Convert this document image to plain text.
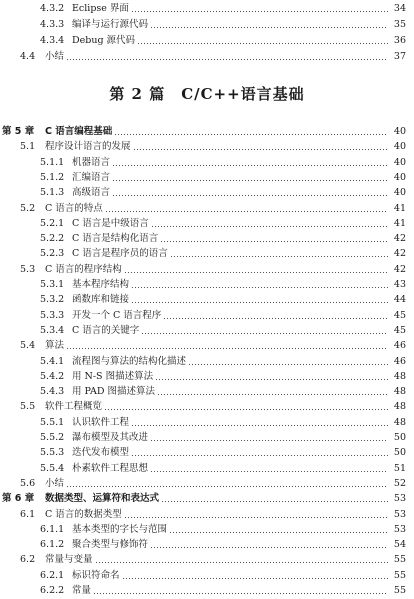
4.3.2 Eclipse 界面	34
4.3.3 编译与运行源代码	35
4.3.4 Debug 源代码	36
4.4 小结	37
第 2 篇　C/C++语言基础
第 5 章 C 语言编程基础	40
5.1 程序设计语言的发展	40
5.1.1 机器语言	40
5.1.2 汇编语言	40
5.1.3 高级语言	40
5.2 C 语言的特点	41
5.2.1 C 语言是中级语言	41
5.2.2 C 语言是结构化语言	42
5.2.3 C 语言是程序员的语言	42
5.3 C 语言的程序结构	42
5.3.1 基本程序结构	43
5.3.2 函数库和链接	44
5.3.3 开发一个 C 语言程序	45
5.3.4 C 语言的关键字	45
5.4 算法	46
5.4.1 流程图与算法的结构化描述	46
5.4.2 用 N-S 图描述算法	48
5.4.3 用 PAD 图描述算法	48
5.5 软件工程概览	48
5.5.1 认识软件工程	48
5.5.2 瀑布模型及其改进	50
5.5.3 迭代发布模型	50
5.5.4 朴素软件工程思想	51
5.6 小结	52
第 6 章 数据类型、运算符和表达式	53
6.1 C 语言的数据类型	53
6.1.1 基本类型的字长与范围	53
6.1.2 聚合类型与修饰符	54
6.2 常量与变量	55
6.2.1 标识符命名	55
6.2.2 常量	55
